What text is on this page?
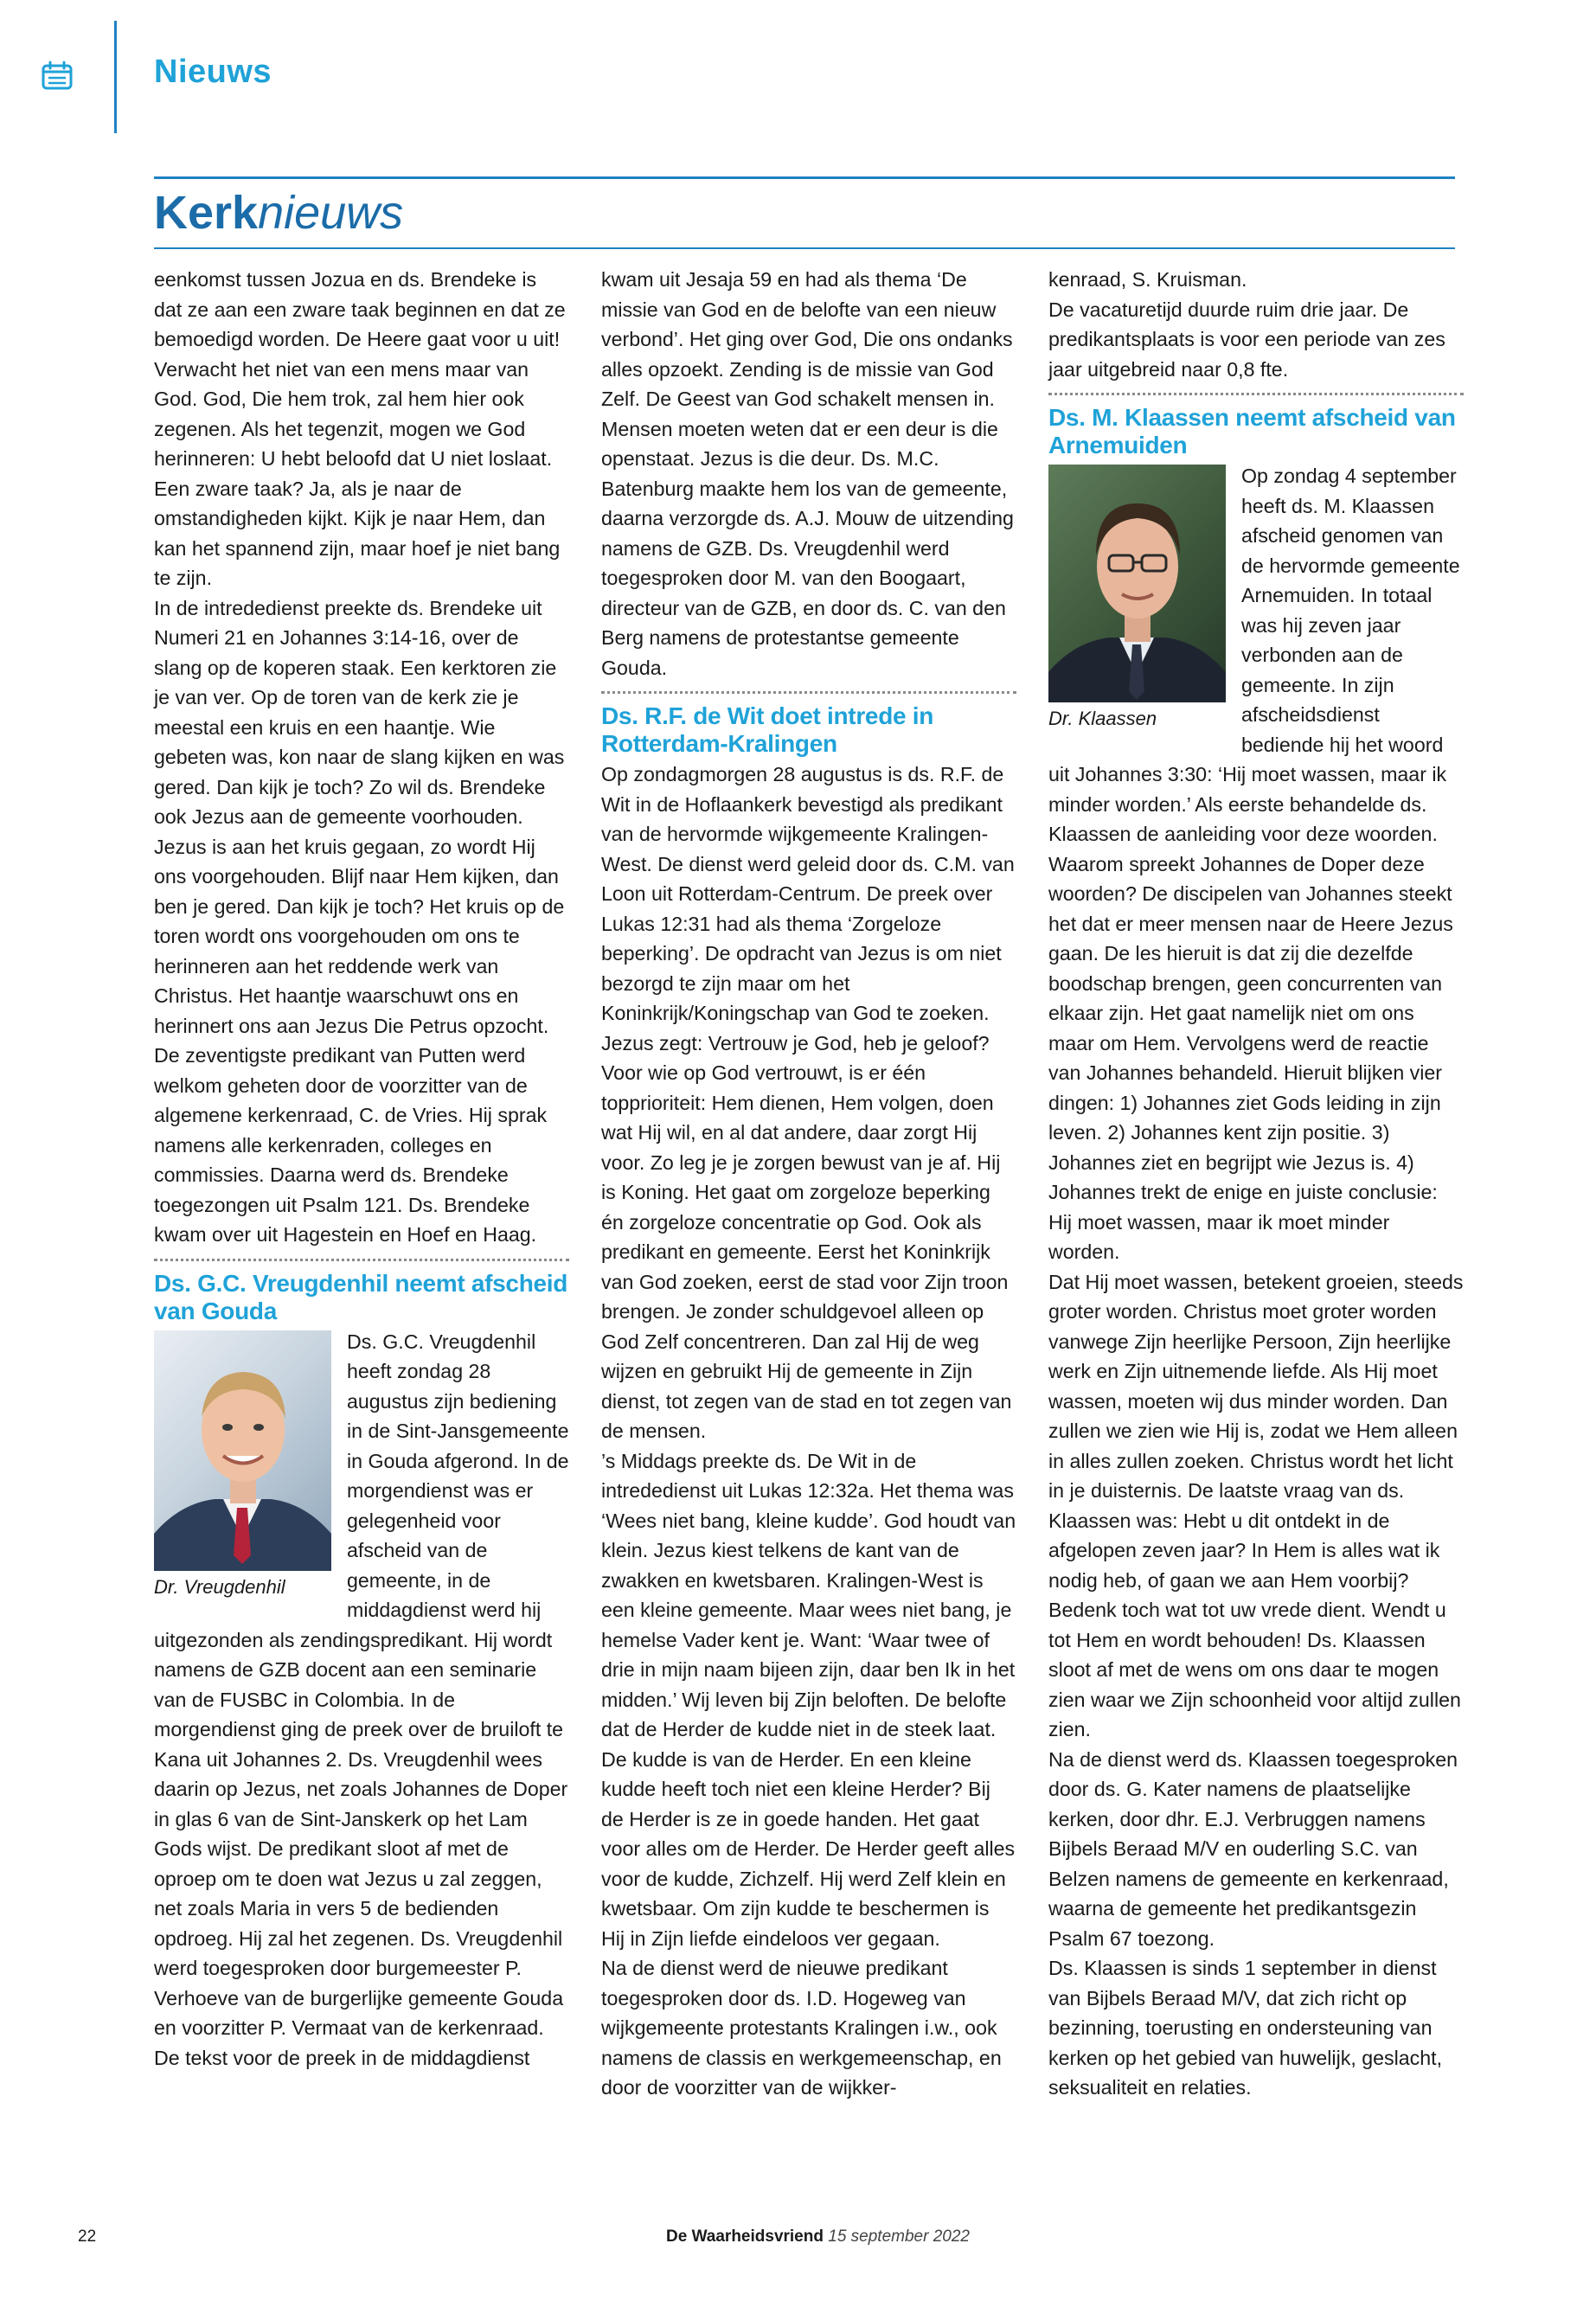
Nieuws
Kerknieuws

eenkomst tussen Jozua en ds. Brendeke is dat ze aan een zware taak beginnen en dat ze bemoedigd worden. De Heere gaat voor u uit! Verwacht het niet van een mens maar van God. God, Die hem trok, zal hem hier ook zegenen. Als het tegenzit, mogen we God herinneren: U hebt beloofd dat U niet loslaat. Een zware taak? Ja, als je naar de omstandigheden kijkt. Kijk je naar Hem, dan kan het spannend zijn, maar hoef je niet bang te zijn.

In de intrededienst preekte ds. Brendeke uit Numeri 21 en Johannes 3:14-16, over de slang op de koperen staak. Een kerktoren zie je van ver. Op de toren van de kerk zie je meestal een kruis en een haantje. Wie gebeten was, kon naar de slang kijken en was gered. Dan kijk je toch? Zo wil ds. Brendeke ook Jezus aan de gemeente voorhouden. Jezus is aan het kruis gegaan, zo wordt Hij ons voorgehouden. Blijf naar Hem kijken, dan ben je gered. Dan kijk je toch? Het kruis op de toren wordt ons voorgehouden om ons te herinneren aan het reddende werk van Christus. Het haantje waarschuwt ons en herinnert ons aan Jezus Die Petrus opzocht.

De zeventigste predikant van Putten werd welkom geheten door de voorzitter van de algemene kerkenraad, C. de Vries. Hij sprak namens alle kerkenraden, colleges en commissies. Daarna werd ds. Brendeke toegezongen uit Psalm 121. Ds. Brendeke kwam over uit Hagestein en Hoef en Haag.

Ds. G.C. Vreugdenhil neemt afscheid van Gouda

Dr. Vreugdenhil
Ds. G.C. Vreugdenhil heeft zondag 28 augustus zijn bediening in de Sint-Jansgemeente in Gouda afgerond. In de morgendienst was er gelegenheid voor afscheid van de gemeente, in de middagdienst werd hij uitgezonden als zendingspredikant. Hij wordt namens de GZB docent aan een seminarie van de FUSBC in Colombia. In de morgendienst ging de preek over de bruiloft te Kana uit Johannes 2. Ds. Vreugdenhil wees daarin op Jezus, net zoals Johannes de Doper in glas 6 van de Sint-Janskerk op het Lam Gods wijst. De predikant sloot af met de oproep om te doen wat Jezus u zal zeggen, net zoals Maria in vers 5 de bedienden opdroeg. Hij zal het zegenen. Ds. Vreugdenhil werd toegesproken door burgemeester P. Verhoeve van de burgerlijke gemeente Gouda en voorzitter P. Vermaat van de kerkenraad.

De tekst voor de preek in de middagdienst

kwam uit Jesaja 59 en had als thema ‘De missie van God en de belofte van een nieuw verbond’. Het ging over God, Die ons ondanks alles opzoekt. Zending is de missie van God Zelf. De Geest van God schakelt mensen in. Mensen moeten weten dat er een deur is die openstaat. Jezus is die deur. Ds. M.C. Batenburg maakte hem los van de gemeente, daarna verzorgde ds. A.J. Mouw de uitzending namens de GZB. Ds. Vreugdenhil werd toegesproken door M. van den Boogaart, directeur van de GZB, en door ds. C. van den Berg namens de protestantse gemeente Gouda.

Ds. R.F. de Wit doet intrede in Rotterdam-Kralingen

Op zondagmorgen 28 augustus is ds. R.F. de Wit in de Hoflaankerk bevestigd als predikant van de hervormde wijkgemeente Kralingen-West. De dienst werd geleid door ds. C.M. van Loon uit Rotterdam-Centrum. De preek over Lukas 12:31 had als thema ‘Zorgeloze beperking’. De opdracht van Jezus is om niet bezorgd te zijn maar om het Koninkrijk/Koningschap van God te zoeken. Jezus zegt: Vertrouw je God, heb je geloof? Voor wie op God vertrouwt, is er één topprioriteit: Hem dienen, Hem volgen, doen wat Hij wil, en al dat andere, daar zorgt Hij voor. Zo leg je je zorgen bewust van je af. Hij is Koning. Het gaat om zorgeloze beperking én zorgeloze concentratie op God. Ook als predikant en gemeente. Eerst het Koninkrijk van God zoeken, eerst de stad voor Zijn troon brengen. Je zonder schuldgevoel alleen op God Zelf concentreren. Dan zal Hij de weg wijzen en gebruikt Hij de gemeente in Zijn dienst, tot zegen van de stad en tot zegen van de mensen.

’s Middags preekte ds. De Wit in de intrededienst uit Lukas 12:32a. Het thema was ‘Wees niet bang, kleine kudde’. God houdt van klein. Jezus kiest telkens de kant van de zwakken en kwetsbaren. Kralingen-West is een kleine gemeente. Maar wees niet bang, je hemelse Vader kent je. Want: ‘Waar twee of drie in mijn naam bijeen zijn, daar ben Ik in het midden.’ Wij leven bij Zijn beloften. De belofte dat de Herder de kudde niet in de steek laat. De kudde is van de Herder. En een kleine kudde heeft toch niet een kleine Herder? Bij de Herder is ze in goede handen. Het gaat voor alles om de Herder. De Herder geeft alles voor de kudde, Zichzelf. Hij werd Zelf klein en kwetsbaar. Om zijn kudde te beschermen is Hij in Zijn liefde eindeloos ver gegaan.

Na de dienst werd de nieuwe predikant toegesproken door ds. I.D. Hogeweg van wijkgemeente protestants Kralingen i.w., ook namens de classis en werkgemeenschap, en door de voorzitter van de wijkker-

kenraad, S. Kruisman.

De vacaturetijd duurde ruim drie jaar. De predikantsplaats is voor een periode van zes jaar uitgebreid naar 0,8 fte.

Ds. M. Klaassen neemt afscheid van Arnemuiden

Dr. Klaassen
Op zondag 4 september heeft ds. M. Klaassen afscheid genomen van de hervormde gemeente Arnemuiden. In totaal was hij zeven jaar verbonden aan de gemeente. In zijn afscheidsdienst bediende hij het woord uit Johannes 3:30: ‘Hij moet wassen, maar ik minder worden.’ Als eerste behandelde ds. Klaassen de aanleiding voor deze woorden. Waarom spreekt Johannes de Doper deze woorden? De discipelen van Johannes steekt het dat er meer mensen naar de Heere Jezus gaan. De les hieruit is dat zij die dezelfde boodschap brengen, geen concurrenten van elkaar zijn. Het gaat namelijk niet om ons maar om Hem. Vervolgens werd de reactie van Johannes behandeld. Hieruit blijken vier dingen: 1) Johannes ziet Gods leiding in zijn leven. 2) Johannes kent zijn positie. 3) Johannes ziet en begrijpt wie Jezus is. 4) Johannes trekt de enige en juiste conclusie: Hij moet wassen, maar ik moet minder worden.

Dat Hij moet wassen, betekent groeien, steeds groter worden. Christus moet groter worden vanwege Zijn heerlijke Persoon, Zijn heerlijke werk en Zijn uitnemende liefde. Als Hij moet wassen, moeten wij dus minder worden. Dan zullen we zien wie Hij is, zodat we Hem alleen in alles zullen zoeken. Christus wordt het licht in je duisternis. De laatste vraag van ds. Klaassen was: Hebt u dit ontdekt in de afgelopen zeven jaar? In Hem is alles wat ik nodig heb, of gaan we aan Hem voorbij? Bedenk toch wat tot uw vrede dient. Wendt u tot Hem en wordt behouden! Ds. Klaassen sloot af met de wens om ons daar te mogen zien waar we Zijn schoonheid voor altijd zullen zien.

Na de dienst werd ds. Klaassen toegesproken door ds. G. Kater namens de plaatselijke kerken, door dhr. E.J. Verbruggen namens Bijbels Beraad M/V en ouderling S.C. van Belzen namens de gemeente en kerkenraad, waarna de gemeente het predikantsgezin Psalm 67 toezong.

Ds. Klaassen is sinds 1 september in dienst van Bijbels Beraad M/V, dat zich richt op bezinning, toerusting en ondersteuning van kerken op het gebied van huwelijk, geslacht, seksualiteit en relaties.

22	De Waarheidsvriend 15 september 2022
